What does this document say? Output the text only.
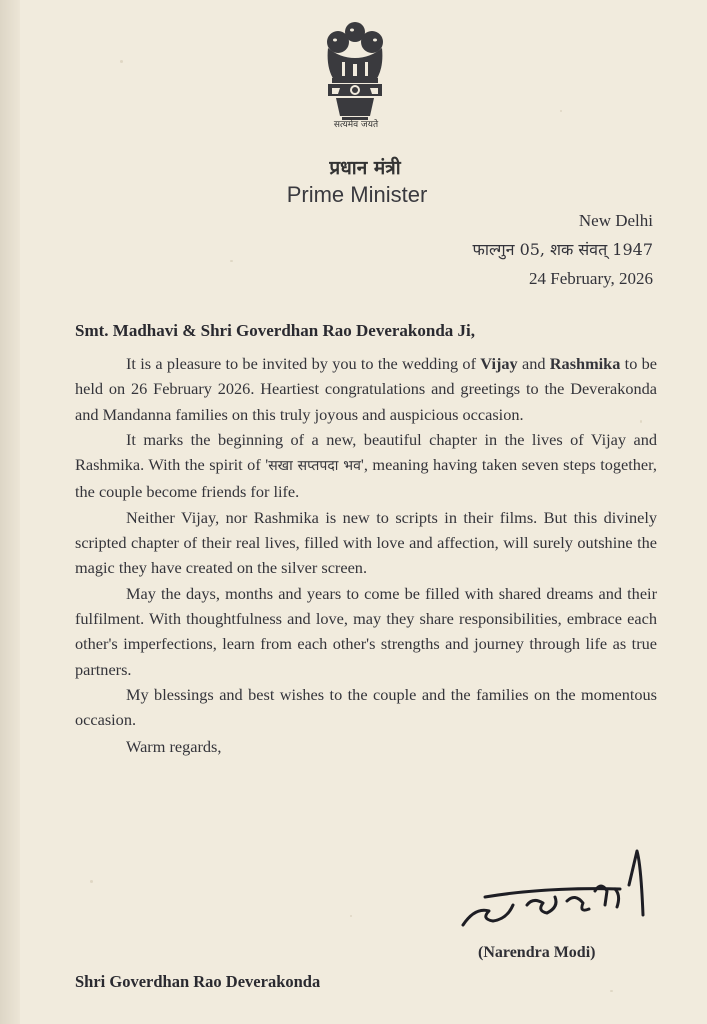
सत्यमेव जयते
प्रधान मंत्री
Prime Minister
New Delhi
फाल्गुन 05, शक संवत् 1947
24 February, 2026
Smt. Madhavi & Shri Goverdhan Rao Deverakonda Ji,

It is a pleasure to be invited by you to the wedding of Vijay and Rashmika to be held on 26 February 2026. Heartiest congratulations and greetings to the Deverakonda and Mandanna families on this truly joyous and auspicious occasion.

It marks the beginning of a new, beautiful chapter in the lives of Vijay and Rashmika. With the spirit of 'सखा सप्तपदा भव', meaning having taken seven steps together, the couple become friends for life.

Neither Vijay, nor Rashmika is new to scripts in their films. But this divinely scripted chapter of their real lives, filled with love and affection, will surely outshine the magic they have created on the silver screen.

May the days, months and years to come be filled with shared dreams and their fulfilment. With thoughtfulness and love, may they share responsibilities, embrace each other's imperfections, learn from each other's strengths and journey through life as true partners.

My blessings and best wishes to the couple and the families on the momentous occasion.

Warm regards,

(Narendra Modi)
Shri Goverdhan Rao Deverakonda
